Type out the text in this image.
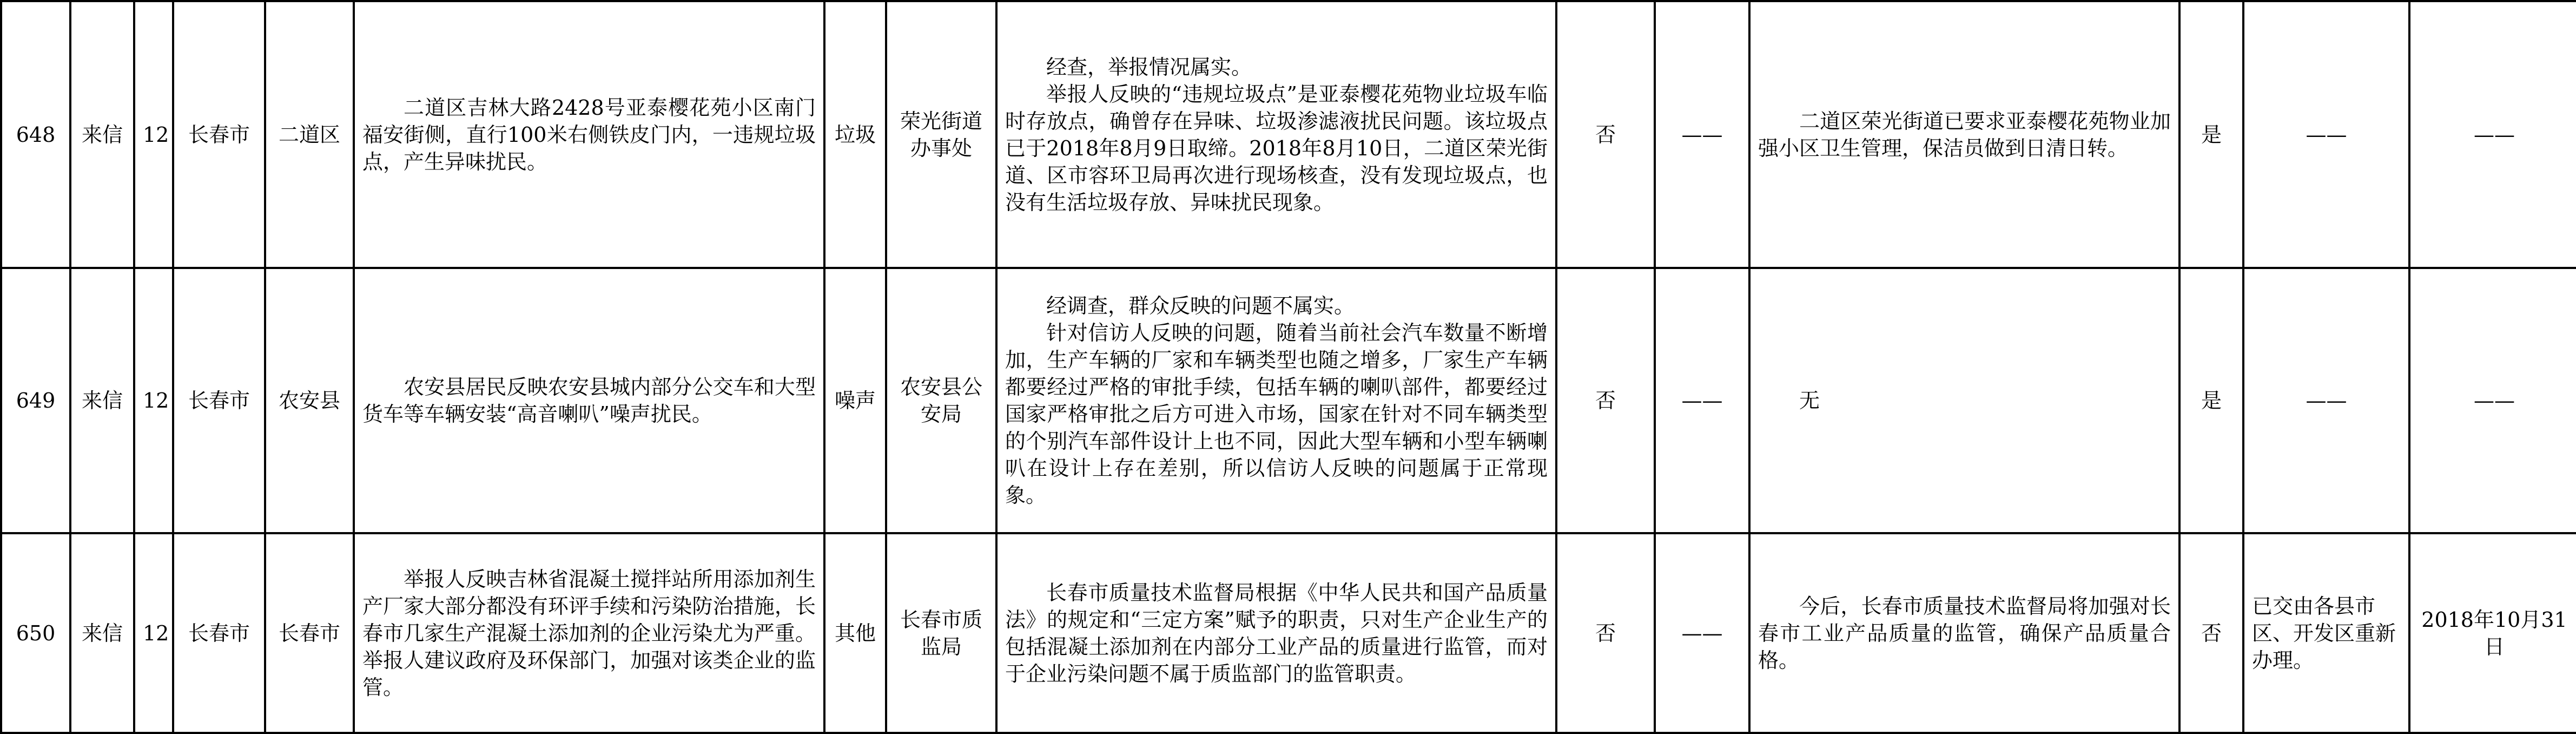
648	来信	12	长春市	二道区	二道区吉林大路2428号亚泰樱花苑小区南门福安街侧，直行100米右侧铁皮门内，一违规垃圾点，产生异味扰民。	垃圾	荣光街道办事处	经查，举报情况属实。
举报人反映的“违规垃圾点”是亚泰樱花苑物业垃圾车临时存放点，确曾存在异味、垃圾渗滤液扰民问题。该垃圾点已于2018年8月9日取缔。2018年8月10日，二道区荣光街道、区市容环卫局再次进行现场核查，没有发现垃圾点，也没有生活垃圾存放、异味扰民现象。	否	——	二道区荣光街道已要求亚泰樱花苑物业加强小区卫生管理，保洁员做到日清日转。	是	——	——
649	来信	12	长春市	农安县	农安县居民反映农安县城内部分公交车和大型货车等车辆安装“高音喇叭”噪声扰民。	噪声	农安县公安局	经调查，群众反映的问题不属实。
针对信访人反映的问题，随着当前社会汽车数量不断增加，生产车辆的厂家和车辆类型也随之增多，厂家生产车辆都要经过严格的审批手续，包括车辆的喇叭部件，都要经过国家严格审批之后方可进入市场，国家在针对不同车辆类型的个别汽车部件设计上也不同，因此大型车辆和小型车辆喇叭在设计上存在差别，所以信访人反映的问题属于正常现象。	否	——	无	是	——	——
650	来信	12	长春市	长春市	举报人反映吉林省混凝土搅拌站所用添加剂生产厂家大部分都没有环评手续和污染防治措施，长春市几家生产混凝土添加剂的企业污染尤为严重。举报人建议政府及环保部门，加强对该类企业的监管。	其他	长春市质监局	长春市质量技术监督局根据《中华人民共和国产品质量法》的规定和“三定方案”赋予的职责，只对生产企业生产的包括混凝土添加剂在内部分工业产品的质量进行监管，而对于企业污染问题不属于质监部门的监管职责。	否	——	今后，长春市质量技术监督局将加强对长春市工业产品质量的监管，确保产品质量合格。	否	已交由各县市区、开发区重新办理。	2018年10月31日
